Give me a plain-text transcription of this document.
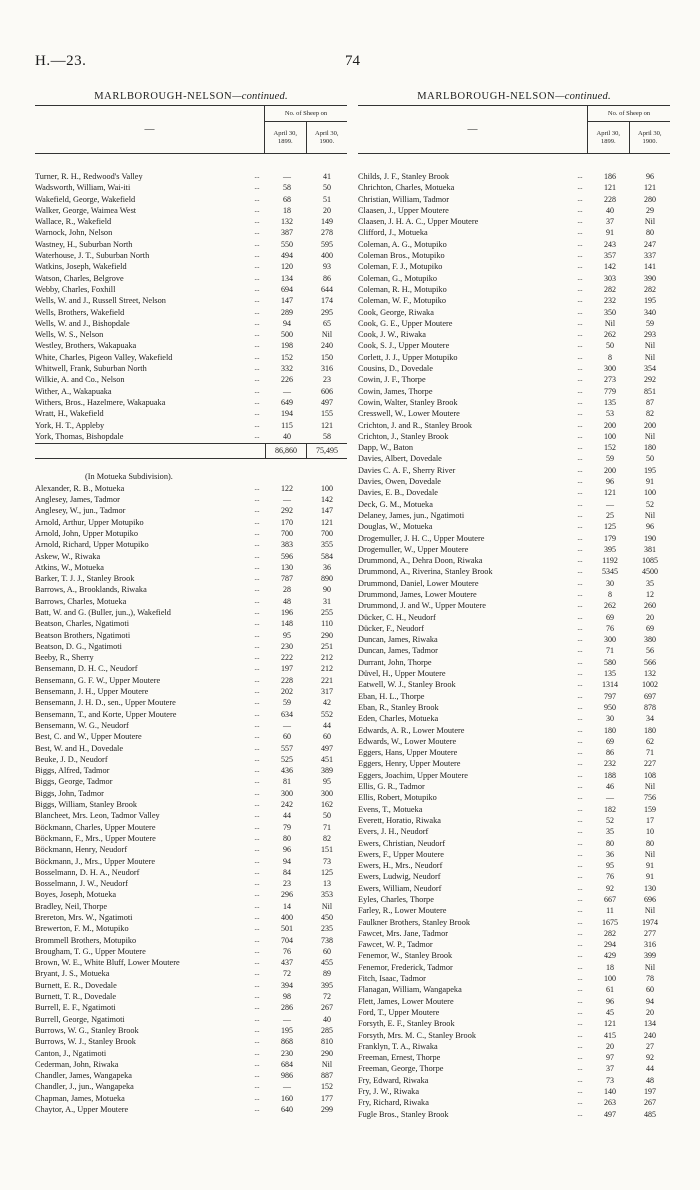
H.—23.	74
MARLBOROUGH-NELSON—continued.
—
No. of Sheep on
April 30,
1899.
April 30,
1900.
Turner, R. H., Redwood's Valley	...	—	41
Wadsworth, William, Wai-iti	...	58	50
Wakefield, George, Wakefield	...	68	51
Walker, George, Waimea West	...	18	20
Wallace, R., Wakefield	...	132	149
Warnock, John, Nelson	...	387	278
Wastney, H., Suburban North	...	550	595
Waterhouse, J. T., Suburban North	...	494	400
Watkins, Joseph, Wakefield	...	120	93
Watson, Charles, Belgrove	...	134	86
Webby, Charles, Foxhill	...	694	644
Wells, W. and J., Russell Street, Nelson	...	147	174
Wells, Brothers, Wakefield	...	289	295
Wells, W. and J., Bishopdale	...	94	65
Wells, W. S., Nelson	...	500	Nil
Westley, Brothers, Wakapuaka	...	198	240
White, Charles, Pigeon Valley, Wakefield	...	152	150
Whitwell, Frank, Suburban North	...	332	316
Wilkie, A. and Co., Nelson	...	226	23
Wither, A., Wakapuaka	...	—	606
Withers, Bros., Hazelmere, Wakapuaka	...	649	497
Wratt, H., Wakefield	...	194	155
York, H. T., Appleby	...	115	121
York, Thomas, Bishopdale	...	40	58
86,860	75,495
(In Motueka Subdivision).
Alexander, R. B., Motueka	...	122	100
Anglesey, James, Tadmor	...	—	142
Anglesey, W., jun., Tadmor	...	292	147
Arnold, Arthur, Upper Motupiko	...	170	121
Arnold, John, Upper Motupiko	...	700	700
Arnold, Richard, Upper Motupiko	...	383	355
Askew, W., Riwaka	...	596	584
Atkins, W., Motueka	...	130	36
Barker, T. J. J., Stanley Brook	...	787	890
Barrows, A., Brooklands, Riwaka	...	28	90
Barrows, Charles, Motueka	...	48	31
Batt, W. and G. (Buller, jun.,), Wakefield	...	196	255
Beatson, Charles, Ngatimoti	...	148	110
Beatson Brothers, Ngatimoti	...	95	290
Beatson, D. G., Ngatimoti	...	230	251
Beeby, R., Sherry	...	222	212
Bensemann, D. H. C., Neudorf	...	197	212
Bensemann, G. F. W., Upper Moutere	...	228	221
Bensemann, J. H., Upper Moutere	...	202	317
Bensemann, J. H. D., sen., Upper Moutere	...	59	42
Bensemann, T., and Korte, Upper Moutere	...	634	552
Bensemann, W. G., Neudorf	...	—	44
Best, C. and W., Upper Moutere	...	60	60
Best, W. and H., Dovedale	...	557	497
Beuke, J. D., Neudorf	...	525	451
Biggs, Alfred, Tadmor	...	436	389
Biggs, George, Tadmor	...	81	95
Biggs, John, Tadmor	...	300	300
Biggs, William, Stanley Brook	...	242	162
Blancheet, Mrs. Leon, Tadmor Valley	...	44	50
Böckmann, Charles, Upper Moutere	...	79	71
Böckmann, F., Mrs., Upper Moutere	...	80	82
Böckmann, Henry, Neudorf	...	96	151
Böckmann, J., Mrs., Upper Moutere	...	94	73
Bosselmann, D. H. A., Neudorf	...	84	125
Bosselmann, J. W., Neudorf	...	23	13
Boyes, Joseph, Motueka	...	296	353
Bradley, Neil, Thorpe	...	14	Nil
Brereton, Mrs. W., Ngatimoti	...	400	450
Brewerton, F. M., Motupiko	...	501	235
Brommell Brothers, Motupiko	...	704	738
Brougham, T. G., Upper Moutere	...	76	60
Brown, W. E., White Bluff, Lower Moutere	...	437	455
Bryant, J. S., Motueka	...	72	89
Burnett, E. R., Dovedale	...	394	395
Burnett, T. R., Dovedale	...	98	72
Burrell, E. F., Ngatimoti	...	286	267
Burrell, George, Ngatimoti	...	—	40
Burrows, W. G., Stanley Brook	...	195	285
Burrows, W. J., Stanley Brook	...	868	810
Canton, J., Ngatimoti	...	230	290
Cederman, John, Riwaka	...	684	Nil
Chandler, James, Wangapeka	...	986	887
Chandler, J., jun., Wangapeka	...	—	152
Chapman, James, Motueka	...	160	177
Chaytor, A., Upper Moutere	...	640	299
MARLBOROUGH-NELSON—continued.
—
No. of Sheep on
April 30,
1899.
April 30,
1900.
Childs, J. F., Stanley Brook	...	186	96
Chrichton, Charles, Motueka	...	121	121
Christian, William, Tadmor	...	228	280
Claasen, J., Upper Moutere	...	40	29
Claasen, J. H. A. C., Upper Moutere	...	37	Nil
Clifford, J., Motueka	...	91	80
Coleman, A. G., Motupiko	...	243	247
Coleman Bros., Motupiko	...	357	337
Coleman, F. J., Motupiko	...	142	141
Coleman, G., Motupiko	...	303	390
Coleman, R. H., Motupiko	...	282	282
Coleman, W. F., Motupiko	...	232	195
Cook, George, Riwaka	...	350	340
Cook, G. E., Upper Moutere	...	Nil	59
Cook, J. W., Riwaka	...	262	293
Cook, S. J., Upper Moutere	...	50	Nil
Corlett, J. J., Upper Motupiko	...	8	Nil
Cousins, D., Dovedale	...	300	354
Cowin, J. F., Thorpe	...	273	292
Cowin, James, Thorpe	...	779	851
Cowin, Walter, Stanley Brook	...	135	87
Cresswell, W., Lower Moutere	...	53	82
Crichton, J. and R., Stanley Brook	...	200	200
Crichton, J., Stanley Brook	...	100	Nil
Dapp, W., Baton	...	152	180
Davies, Albert, Dovedale	...	59	50
Davies C. A. F., Sherry River	...	200	195
Davies, Owen, Dovedale	...	96	91
Davies, E. B., Dovedale	...	121	100
Deck, G. M., Motueka	...	—	52
Delaney, James, jun., Ngatimoti	...	25	Nil
Douglas, W., Motueka	...	125	96
Drogemuller, J. H. C., Upper Moutere	...	179	190
Drogemuller, W., Upper Moutere	...	395	381
Drummond, A., Dehra Doon, Riwaka	...	1192	1085
Drummond, A., Riverina, Stanley Brook	...	5345	4500
Drummond, Daniel, Lower Moutere	...	30	35
Drummond, James, Lower Moutere	...	8	12
Drummond, J. and W., Upper Moutere	...	262	260
Dücker, C. H., Neudorf	...	69	20
Dücker, F., Neudorf	...	76	69
Duncan, James, Riwaka	...	300	380
Duncan, James, Tadmor	...	71	56
Durrant, John, Thorpe	...	580	566
Düvel, H., Upper Moutere	...	135	132
Eatwell, W. J., Stanley Brook	...	1314	1002
Eban, H. L., Thorpe	...	797	697
Eban, R., Stanley Brook	...	950	878
Eden, Charles, Motueka	...	30	34
Edwards, A. R., Lower Moutere	...	180	180
Edwards, W., Lower Moutere	...	69	62
Eggers, Hans, Upper Moutere	...	86	71
Eggers, Henry, Upper Moutere	...	232	227
Eggers, Joachim, Upper Moutere	...	188	108
Ellis, G. R., Tadmor	...	46	Nil
Ellis, Robert, Motupiko	...	—	756
Evens, T., Motueka	...	182	159
Everett, Horatio, Riwaka	...	52	17
Evers, J. H., Neudorf	...	35	10
Ewers, Christian, Neudorf	...	80	80
Ewers, F., Upper Moutere	...	36	Nil
Ewers, H., Mrs., Neudorf	...	95	91
Ewers, Ludwig, Neudorf	...	76	91
Ewers, William, Neudorf	...	92	130
Eyles, Charles, Thorpe	...	667	696
Farley, R., Lower Moutere	...	11	Nil
Faulkner Brothers, Stanley Brook	...	1675	1974
Fawcet, Mrs. Jane, Tadmor	...	282	277
Fawcet, W. P., Tadmor	...	294	316
Fenemor, W., Stanley Brook	...	429	399
Fenemor, Frederick, Tadmor	...	18	Nil
Fitch, Isaac, Tadmor	...	100	78
Flanagan, William, Wangapeka	...	61	60
Flett, James, Lower Moutere	...	96	94
Ford, T., Upper Moutere	...	45	20
Forsyth, E. F., Stanley Brook	...	121	134
Forsyth, Mrs. M. C., Stanley Brook	...	415	240
Franklyn, T. A., Riwaka	...	20	27
Freeman, Ernest, Thorpe	...	97	92
Freeman, George, Thorpe	...	37	44
Fry, Edward, Riwaka	...	73	48
Fry, J. W., Riwaka	...	140	197
Fry, Richard, Riwaka	...	263	267
Fugle Bros., Stanley Brook	...	497	485
